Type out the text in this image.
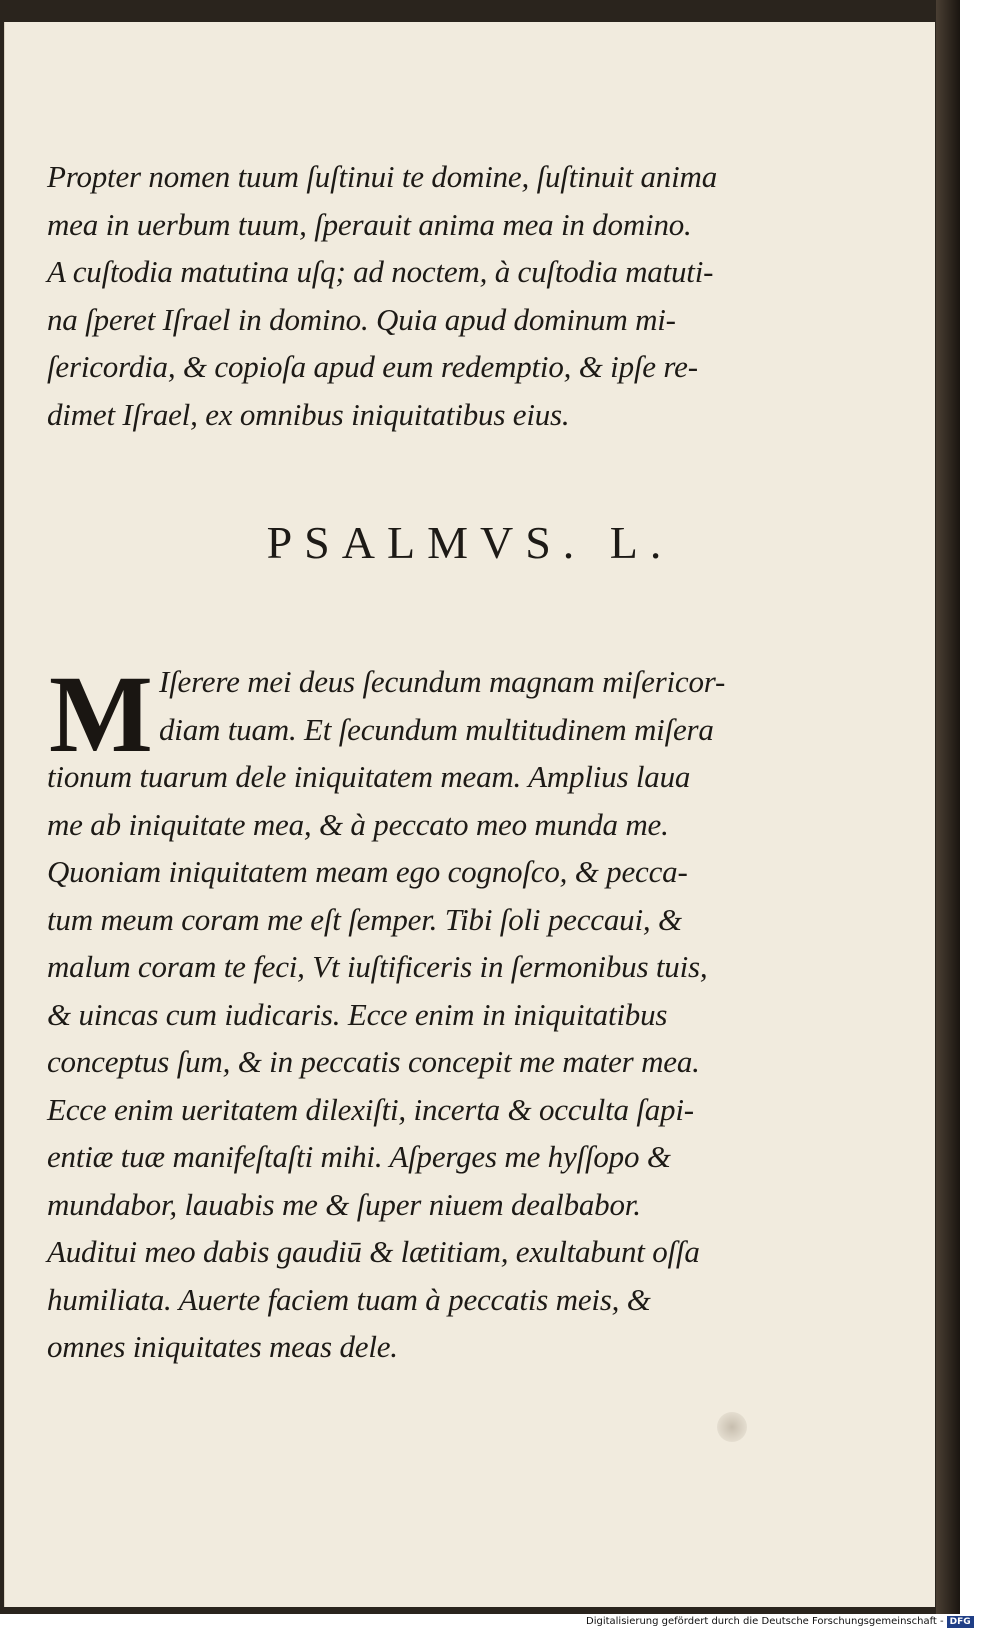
Propter nomen tuum ſuſtinui te domine, ſuſtinuit anima
mea in uerbum tuum, ſperauit anima mea in domino.
A cuſtodia matutina uſq; ad noctem, à cuſtodia matuti-
na ſperet Iſrael in domino. Quia apud dominum mi-
ſericordia, & copioſa apud eum redemptio, & ipſe re-
dimet Iſrael, ex omnibus iniquitatibus eius.
PSALMVS. L.
M Iſerere mei deus ſecundum magnam miſericor-
diam tuam. Et ſecundum multitudinem miſera
tionum tuarum dele iniquitatem meam. Amplius laua
me ab iniquitate mea, & à peccato meo munda me.
Quoniam iniquitatem meam ego cognoſco, & pecca-
tum meum coram me eſt ſemper. Tibi ſoli peccaui, &
malum coram te feci, Vt iuſtificeris in ſermonibus tuis,
& uincas cum iudicaris. Ecce enim in iniquitatibus
conceptus ſum, & in peccatis concepit me mater mea.
Ecce enim ueritatem dilexiſti, incerta & occulta ſapi-
entiæ tuæ manifeſtaſti mihi. Aſperges me hyſſopo &
mundabor, lauabis me & ſuper niuem dealbabor.
Auditui meo dabis gaudiū & lætitiam, exultabunt oſſa
humiliata. Auerte faciem tuam à peccatis meis, &
omnes iniquitates meas dele.
Digitalisierung gefördert durch die Deutsche Forschungsgemeinschaft - DFG
